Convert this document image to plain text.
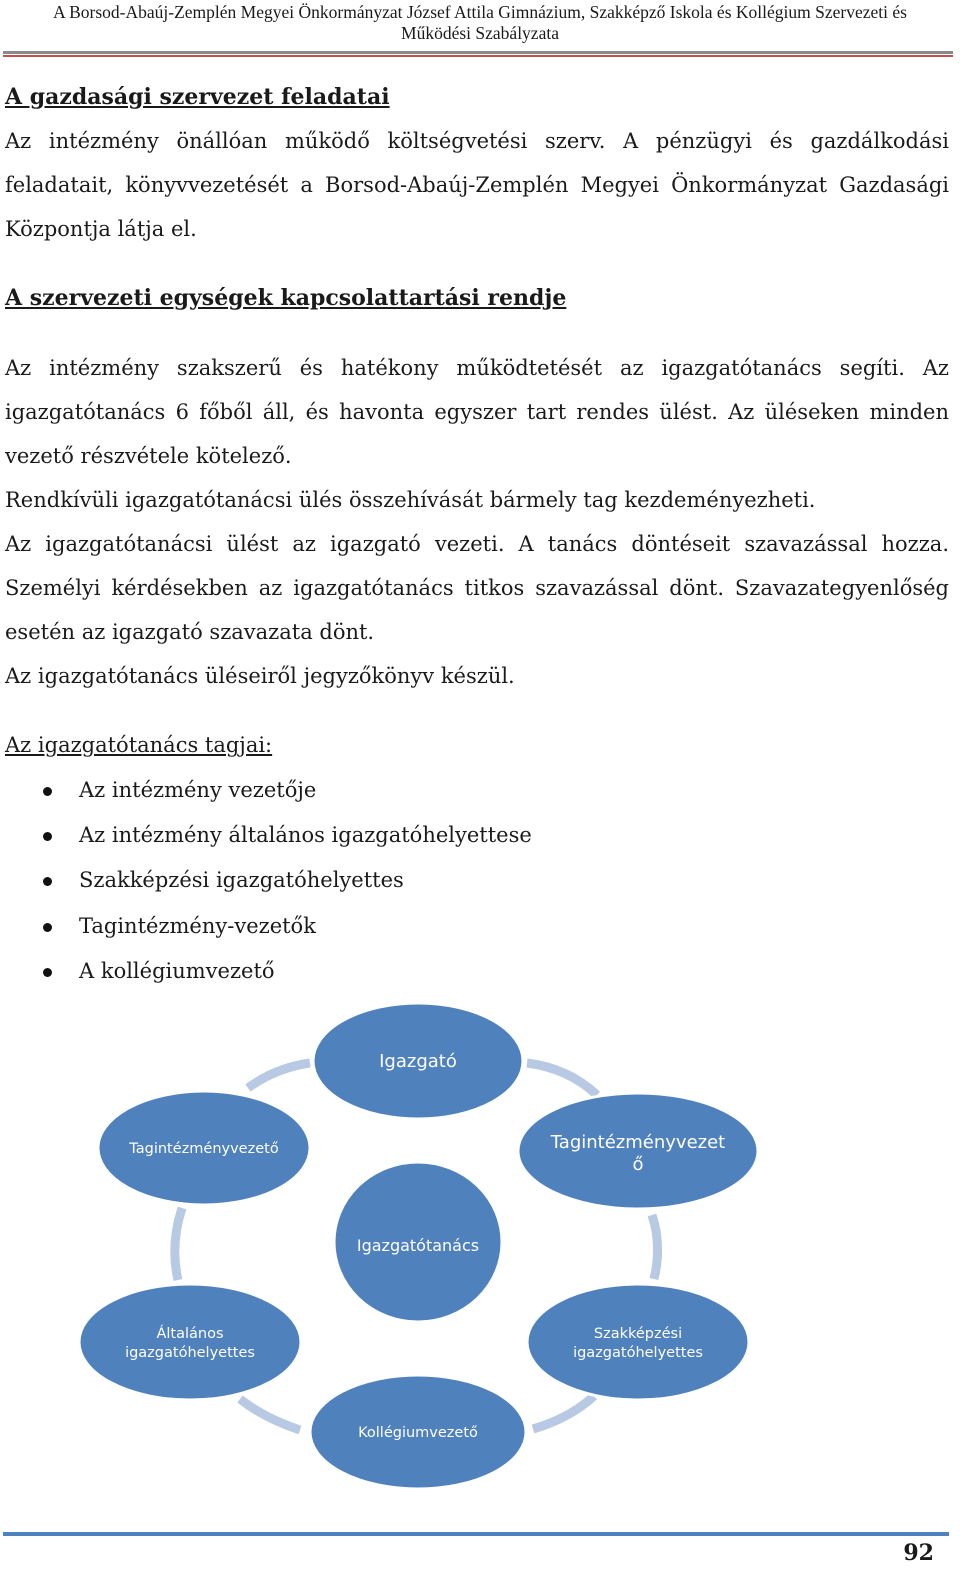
A Borsod-Abaúj-Zemplén Megyei Önkormányzat József Attila Gimnázium, Szakképző Iskola és Kollégium Szervezeti és
Működési Szabályzata
A gazdasági szervezet feladatai
Az intézmény önállóan működő költségvetési szerv. A pénzügyi és gazdálkodási feladatait, könyvvezetését a Borsod-Abaúj-Zemplén Megyei Önkormányzat Gazdasági Központja látja el.
A szervezeti egységek kapcsolattartási rendje
Az intézmény szakszerű és hatékony működtetését az igazgatótanács segíti. Az igazgatótanács 6 főből áll, és havonta egyszer tart rendes ülést. Az üléseken minden vezető részvétele kötelező.
Rendkívüli igazgatótanácsi ülés összehívását bármely tag kezdeményezheti.
Az igazgatótanácsi ülést az igazgató vezeti. A tanács döntéseit szavazással hozza. Személyi kérdésekben az igazgatótanács titkos szavazással dönt. Szavazategyenlőség esetén az igazgató szavazata dönt.
Az igazgatótanács üléseiről jegyzőkönyv készül.
Az igazgatótanács tagjai:
Az intézmény vezetője
Az intézmény általános igazgatóhelyettese
Szakképzési igazgatóhelyettes
Tagintézmény-vezetők
A kollégiumvezető
Igazgató
Tagintézményvezető	Tagintézményvezet
ő
Igazgatótanács
Általános
igazgatóhelyettes
Szakképzési
igazgatóhelyettes
Kollégiumvezető
92
